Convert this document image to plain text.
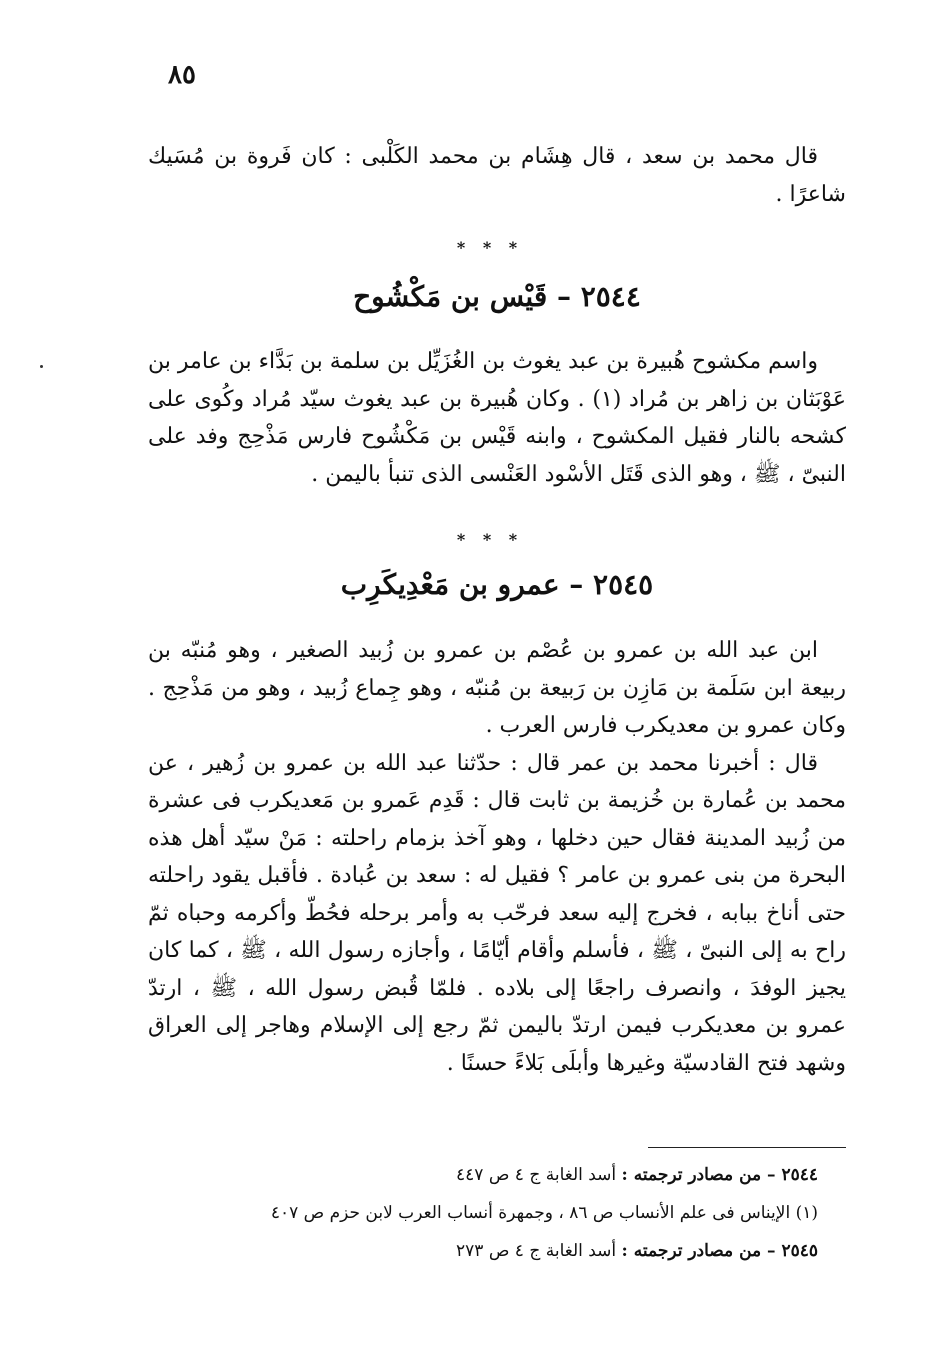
٨٥

قال محمد بن سعد ، قال هِشَام بن محمد الكَلْبى : كان فَروة بن مُسَيك شاعرًا .

* * *
٢٥٤٤ – قَيْس بن مَكْشُوح

واسم مكشوح هُبيرة بن عبد يغوث بن الغُزَيِّل بن سلمة بن بَدَّاء بن عامر بن عَوْبَثان بن زاهر بن مُراد (١) . وكان هُبيرة بن عبد يغوث سيّد مُراد وكُوى على كشحه بالنار فقيل المكشوح ، وابنه قَيْس بن مَكْشُوح فارس مَذْحِج وفد على النبىّ ، ﷺ ، وهو الذى قَتَل الأسْود العَنْسى الذى تنبأ باليمن .

* * *
٢٥٤٥ – عمرو بن مَعْدِيكَرِب

ابن عبد الله بن عمرو بن عُصْم بن عمرو بن زُبيد الصغير ، وهو مُنبّه بن ربيعة ابن سَلَمة بن مَازِن بن رَبيعة بن مُنبّه ، وهو جِماع زُبيد ، وهو من مَذْحِج . وكان عمرو بن معديكرب فارس العرب .

قال : أخبرنا محمد بن عمر قال : حدّثنا عبد الله بن عمرو بن زُهير ، عن محمد بن عُمارة بن خُزيمة بن ثابت قال : قَدِم عَمرو بن مَعديكرب فى عشرة من زُبيد المدينة فقال حين دخلها ، وهو آخذ بزمام راحلته : مَنْ سيّد أهل هذه البحرة من بنى عمرو بن عامر ؟ فقيل له : سعد بن عُبادة . فأقبل يقود راحلته حتى أناخ ببابه ، فخرج إليه سعد فرحّب به وأمر برحله فحُطّ وأكرمه وحباه ثمّ راح به إلى النبىّ ، ﷺ ، فأسلم وأقام أيّامًا ، وأجازه رسول الله ، ﷺ ، كما كان يجيز الوفدَ ، وانصرف راجعًا إلى بلاده . فلمّا قُبض رسول الله ، ﷺ ، ارتدّ عمرو بن معديكرب فيمن ارتدّ باليمن ثمّ رجع إلى الإسلام وهاجر إلى العراق وشهد فتح القادسيّة وغيرها وأبلَى بَلاءً حسنًا .

٢٥٤٤ – من مصادر ترجمته : أسد الغابة ج ٤ ص ٤٤٧
(١) الإيناس فى علم الأنساب ص ٨٦ ، وجمهرة أنساب العرب لابن حزم ص ٤٠٧
٢٥٤٥ – من مصادر ترجمته : أسد الغابة ج ٤ ص ٢٧٣
